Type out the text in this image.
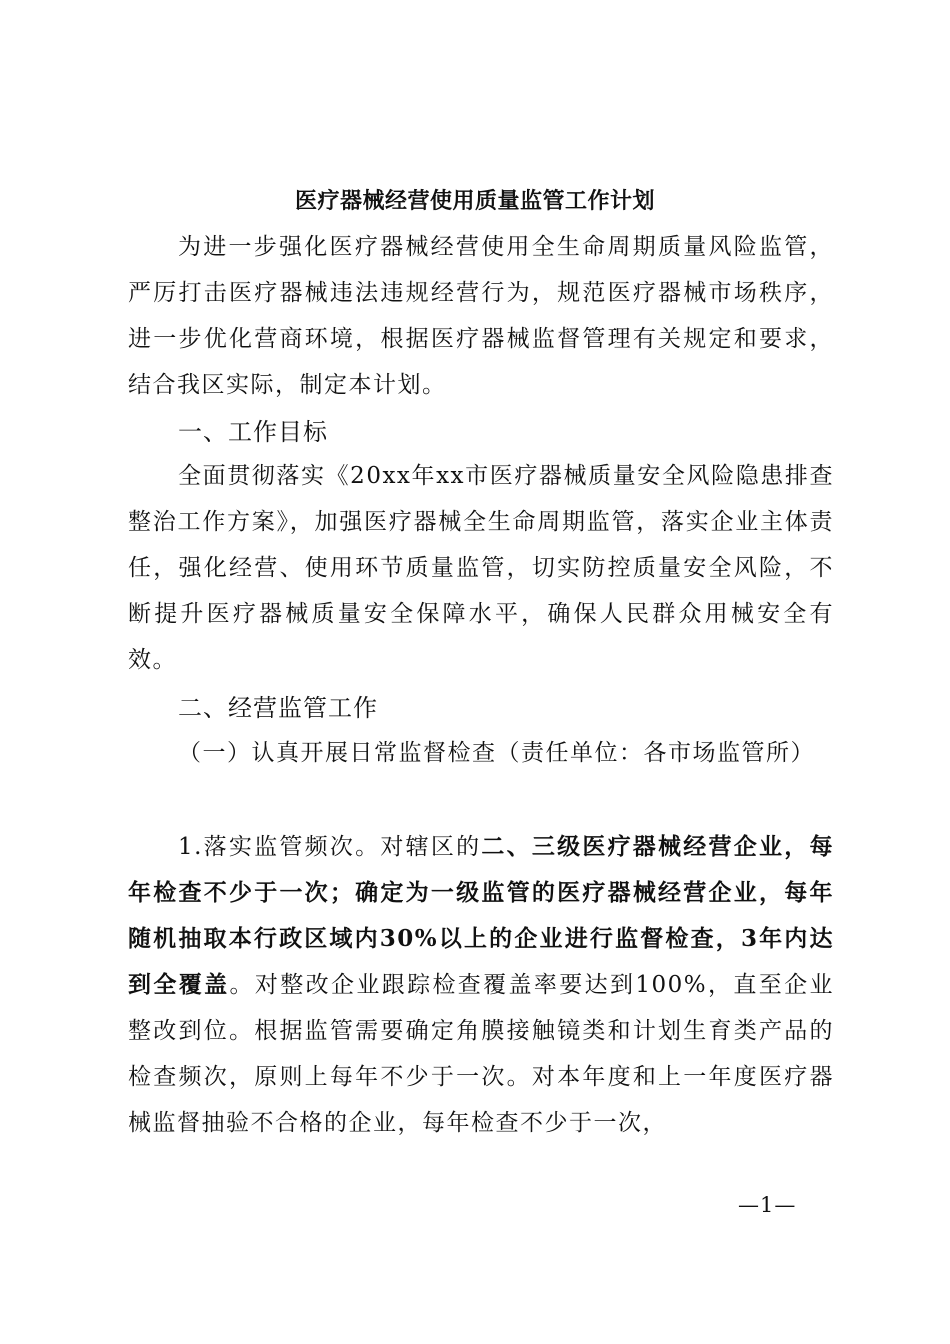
医疗器械经营使用质量监管工作计划
为进一步强化医疗器械经营使用全生命周期质量风险监管，严厉打击医疗器械违法违规经营行为，规范医疗器械市场秩序，进一步优化营商环境，根据医疗器械监督管理有关规定和要求，结合我区实际，制定本计划。
一、工作目标
全面贯彻落实《20xx年xx市医疗器械质量安全风险隐患排查整治工作方案》，加强医疗器械全生命周期监管，落实企业主体责任，强化经营、使用环节质量监管，切实防控质量安全风险，不断提升医疗器械质量安全保障水平，确保人民群众用械安全有效。
二、经营监管工作
（一）认真开展日常监督检查（责任单位：各市场监管所）
1.落实监管频次。对辖区的二、三级医疗器械经营企业，每年检查不少于一次；确定为一级监管的医疗器械经营企业，每年随机抽取本行政区域内30%以上的企业进行监督检查，3年内达到全覆盖。对整改企业跟踪检查覆盖率要达到100%，直至企业整改到位。根据监管需要确定角膜接触镜类和计划生育类产品的检查频次，原则上每年不少于一次。对本年度和上一年度医疗器械监督抽验不合格的企业，每年检查不少于一次，
—1—
